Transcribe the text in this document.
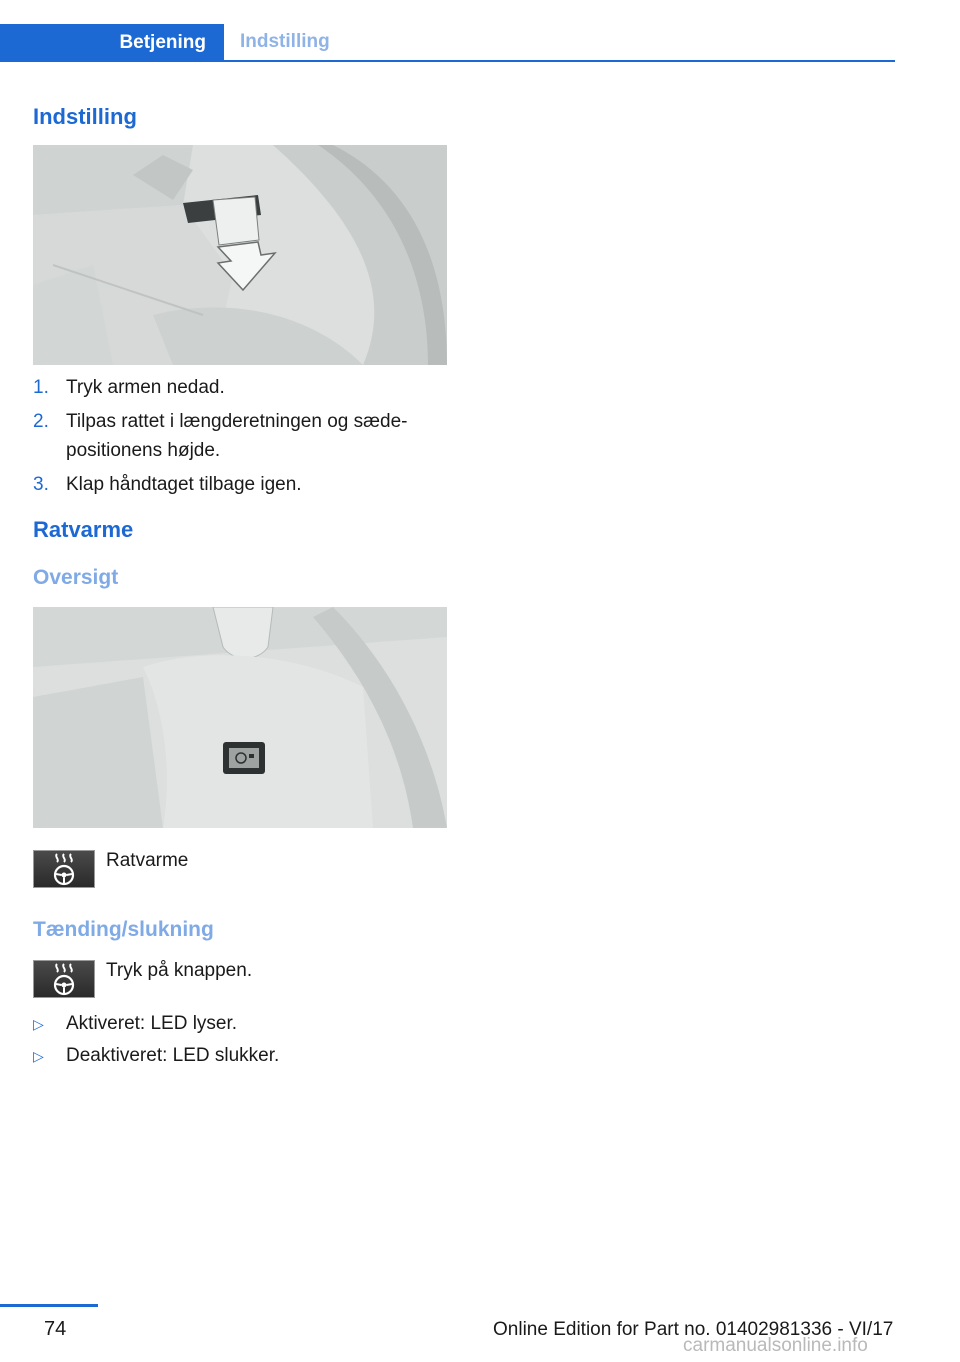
Betjening	Indstilling
Indstilling
1. Tryk armen nedad.
2. Tilpas rattet i længderetningen og sædepositionens højde.
3. Klap håndtaget tilbage igen.
Ratvarme
Oversigt
Ratvarme
Tænding/slukning
Tryk på knappen.
▷ Aktiveret: LED lyser.
▷ Deaktiveret: LED slukker.
74	Online Edition for Part no. 01402981336 - VI/17
carmanualsonline.info
